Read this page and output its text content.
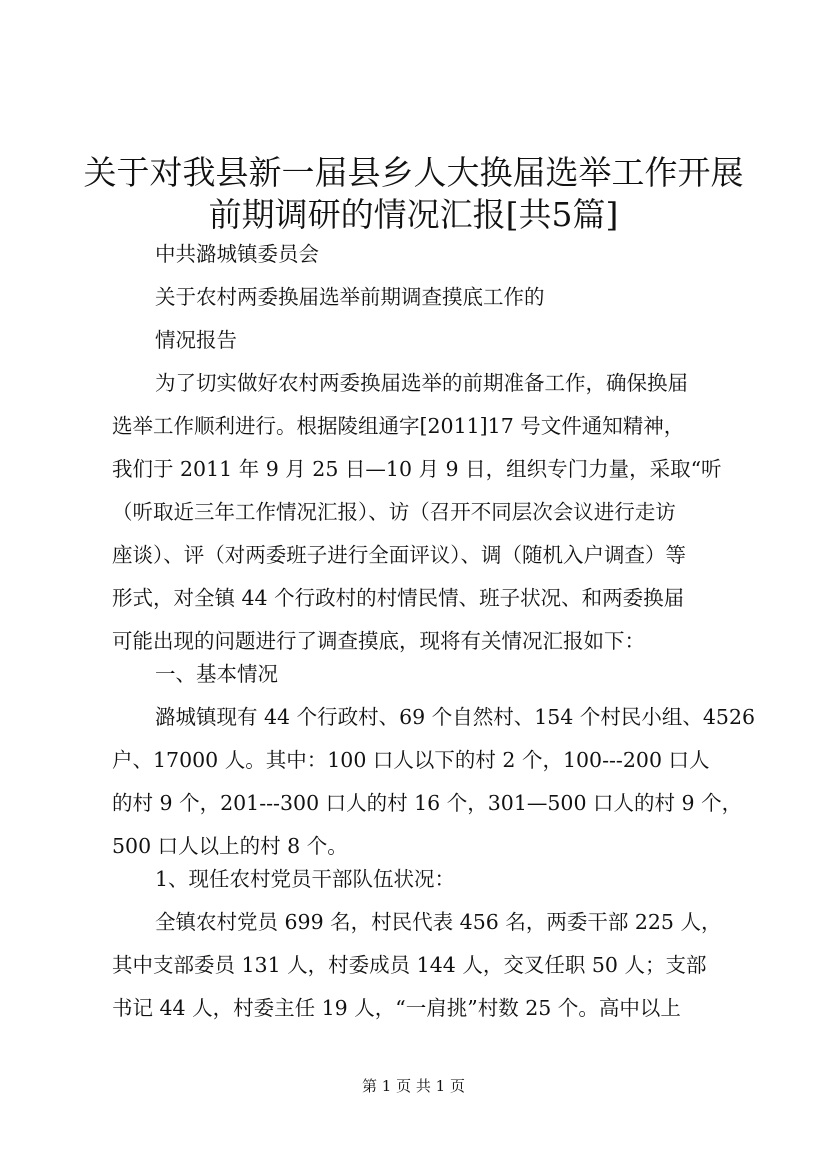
关于对我县新一届县乡人大换届选举工作开展
前期调研的情况汇报[共5篇]

中共潞城镇委员会

关于农村两委换届选举前期调查摸底工作的

情况报告

为了切实做好农村两委换届选举的前期准备工作，确保换届

选举工作顺利进行。根据陵组通字[2011]17 号文件通知精神，

我们于 2011 年 9 月 25 日—10 月 9 日，组织专门力量，采取“听

（听取近三年工作情况汇报）、访（召开不同层次会议进行走访

座谈）、评（对两委班子进行全面评议）、调（随机入户调查）等

形式，对全镇 44 个行政村的村情民情、班子状况、和两委换届

可能出现的问题进行了调查摸底，现将有关情况汇报如下：

一、基本情况

潞城镇现有 44 个行政村、69 个自然村、154 个村民小组、4526

户、17000 人。其中：100 口人以下的村 2 个，100---200 口人

的村 9 个，201---300 口人的村 16 个，301—500 口人的村 9 个，

500 口人以上的村 8 个。

1、现任农村党员干部队伍状况：

全镇农村党员 699 名，村民代表 456 名，两委干部 225 人，

其中支部委员 131 人，村委成员 144 人，交叉任职 50 人；支部

书记 44 人，村委主任 19 人，“一肩挑”村数 25 个。高中以上

第 1 页 共 1 页
